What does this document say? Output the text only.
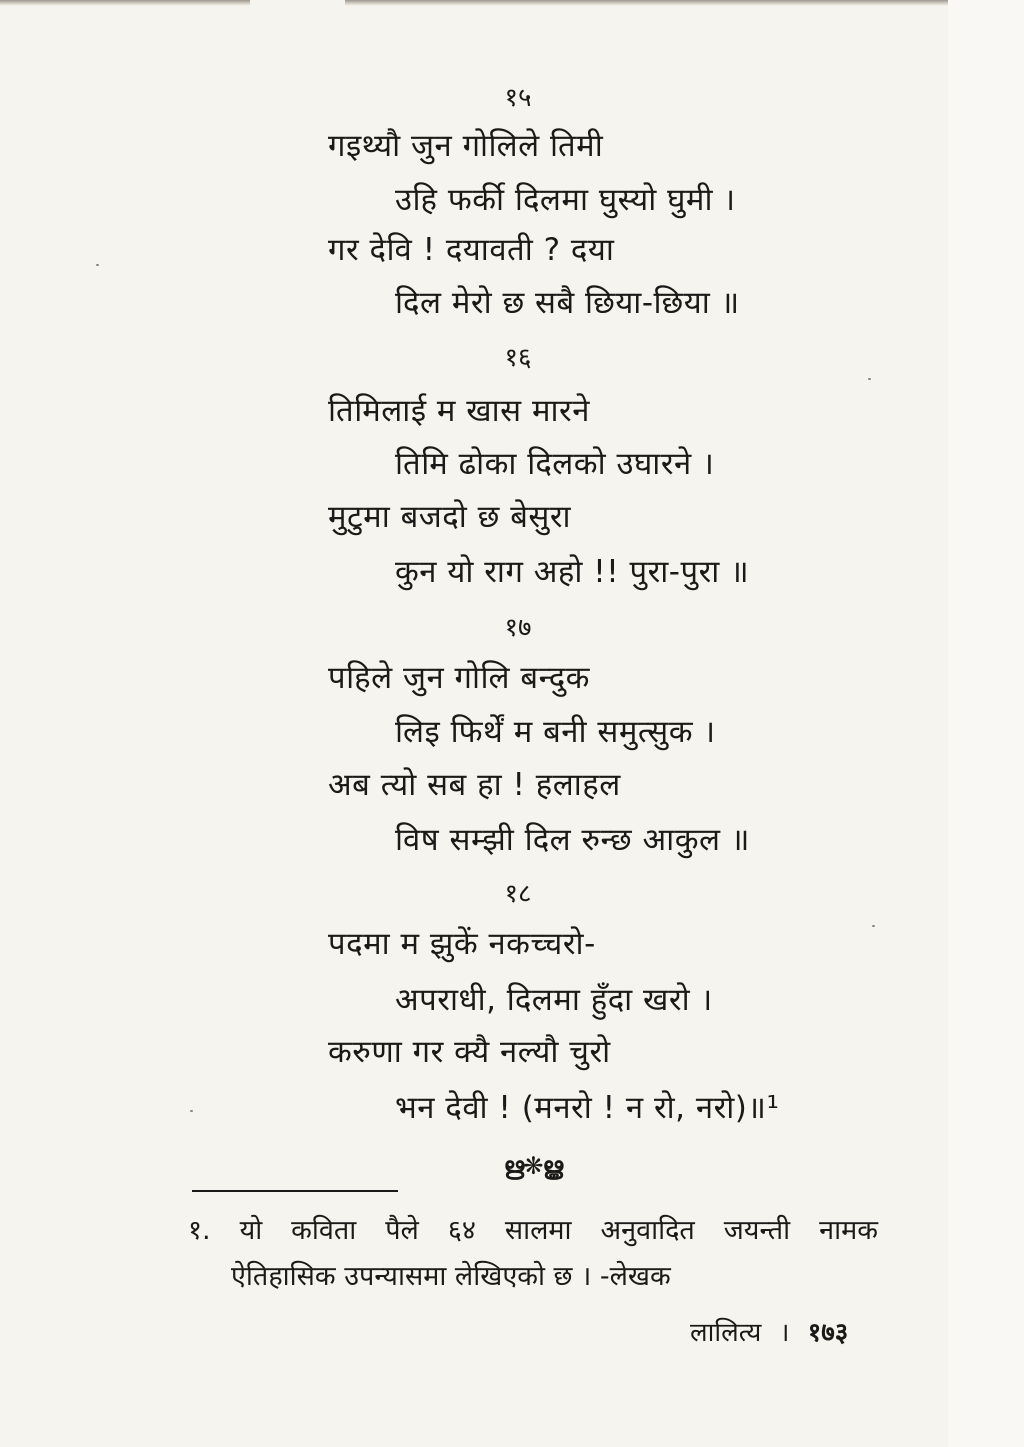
१५
गइथ्यौ जुन गोलिले तिमी
उहि फर्की दिलमा घुस्यो घुमी ।
गर देवि ! दयावती ? दया
दिल मेरो छ सबै छिया-छिया ॥
१६
तिमिलाई म खास मारने
तिमि ढोका दिलको उघारने ।
मुटुमा बजदो छ बेसुरा
कुन यो राग अहो !! पुरा-पुरा ॥
१७
पहिले जुन गोलि बन्दुक
लिइ फिर्थें म बनी समुत्सुक ।
अब त्यो सब हा ! हलाहल
विष सम्झी दिल रुन्छ आकुल ॥
१८
पदमा म झुकें नकच्चरो-
अपराधी, दिलमा हुँदा खरो ।
करुणा गर क्यै नल्यौ चुरो
भन देवी ! (मनरो ! न रो, नरो)॥¹
ഋ❋ൠ
१. यो कविता पैले ६४ सालमा अनुवादित जयन्ती नामक
ऐतिहासिक उपन्यासमा लेखिएको छ । -लेखक
लालित्य । १७३
